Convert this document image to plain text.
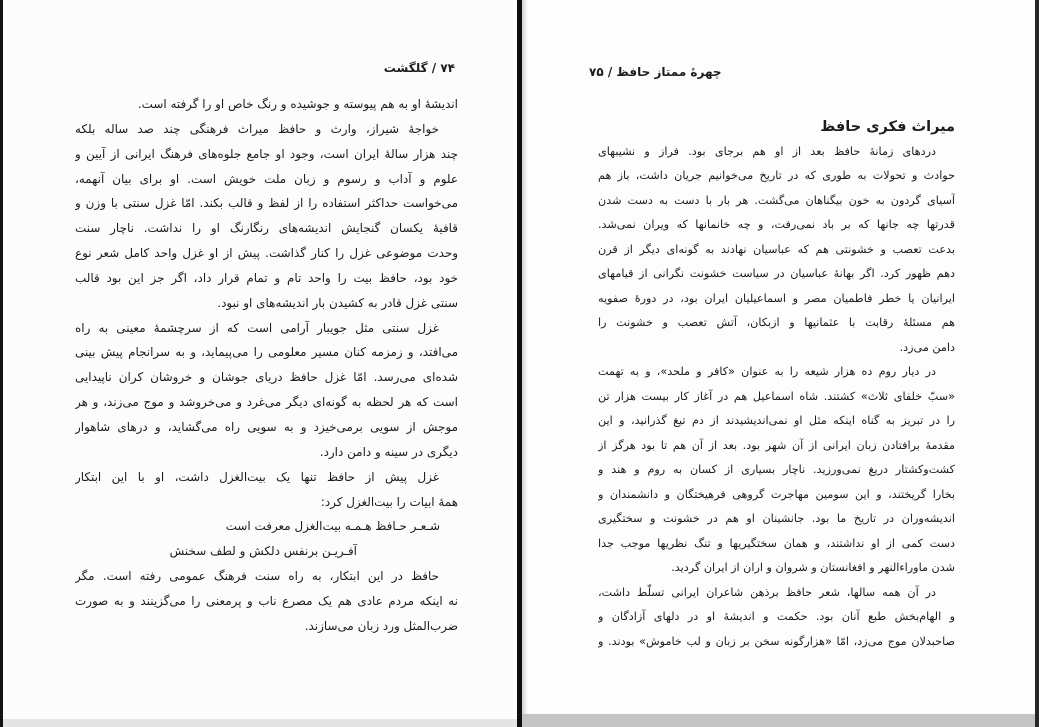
۷۴ / گلگشت
اندیشهٔ او به هم پیوسته و جوشیده و رنگ خاص او را گرفته است.
خواجهٔ شیراز، وارث و حافظ میراث فرهنگی چند صد ساله بلکه
چند هزار سالهٔ ایران است، وجود او جامع جلوه‌های فرهنگ ایرانی از آیین و
علوم و آداب و رسوم و زبان ملت خویش است. او برای بیان آنهمه،
می‌خواست حداکثر استفاده را از لفظ و قالب بکند. امّا غزل سنتی با وزن و
قافیهٔ یکسان گنجایش اندیشه‌های رنگارنگ او را نداشت. ناچار سنت
وحدت موضوعی غزل را کنار گذاشت. پیش از او غزل واحد کامل شعر نوع
خود بود، حافظ بیت را واحد تام و تمام قرار داد، اگر جز این بود قالب
سنتی غزل قادر به کشیدن بار اندیشه‌های او نبود.
غزل سنتی مثل جویبار آرامی است که از سرچشمهٔ معینی به راه
می‌افتد، و زمزمه کنان مسیر معلومی را می‌پیماید، و به سرانجام پیش بینی
شده‌ای می‌رسد. امّا غزل حافظ دریای جوشان و خروشان کران ناپیدایی
است که هر لحظه به گونه‌ای دیگر می‌غرد و می‌خروشد و موج می‌زند، و هر
موجش از سویی برمی‌خیزد و به سویی راه می‌گشاید، و درهای شاهوار
دیگری در سینه و دامن دارد.
غزل پیش از حافظ تنها یک بیت‌الغزل داشت، او با این ابتکار
همهٔ ابیات را بیت‌الغزل کرد:
شـعـر حـافظ هـمـه بیت‌الغزل معرفت است
آفـریـن برنفس دلکش و لطف سخنش
حافظ در این ابتکار، به راه سنت فرهنگ عمومی رفته است. مگر
نه اینکه مردم عادی هم یک مصرع ناب و پرمعنی را می‌گزینند و به صورت
ضرب‌المثل ورد زبان می‌سازند.
چهرهٔ ممتاز حافظ / ۷۵
میراث فکری حافظ
دردهای زمانهٔ حافظ بعد از او هم برجای بود. فراز و نشیبهای
حوادث و تحولات به طوری که در تاریخ می‌خوانیم جریان داشت، باز هم
آسیای گردون به خون بیگناهان می‌گشت. هر بار با دست به دست شدن
قدرتها چه جانها که بر باد نمی‌رفت، و چه خانمانها که ویران نمی‌شد.
بدعت تعصب و خشونتی هم که عباسیان نهادند به گونه‌ای دیگر از قرن
دهم ظهور کرد. اگر بهانهٔ عباسیان در سیاست خشونت نگرانی از قیامهای
ایرانیان یا خطر فاطمیان مصر و اسماعیلیان ایران بود، در دورهٔ صفویه
هم مسئلهٔ رقابت با عثمانیها و ازبکان، آتش تعصب و خشونت را
دامن می‌زد.
در دیار روم ده هزار شیعه را به عنوان «کافر و ملحد»، و به تهمت
«سبّ خلفای ثلاث» کشتند. شاه اسماعیل هم در آغاز کار بیست هزار تن
را در تبریز به گناه اینکه مثل او نمی‌اندیشیدند از دم تیغ گذرانید، و این
مقدمهٔ برافتادن زبان ایرانی از آن شهر بود. بعد از آن هم تا بود هرگز از
کشت‌وکشتار دریغ نمی‌ورزید. ناچار بسیاری از کسان به روم و هند و
بخارا گریختند، و این سومین مهاجرت گروهی فرهیختگان و دانشمندان و
اندیشه‌وران در تاریخ ما بود. جانشینان او هم در خشونت و سختگیری
دست کمی از او نداشتند، و همان سختگیریها و تنگ نظریها موجب جدا
شدن ماوراءالنهر و افغانستان و شروان و اران از ایران گردید.
در آن همه سالها، شعر حافظ برذهن شاعران ایرانی تسلّط داشت،
و الهام‌بخش طبع آنان بود. حکمت و اندیشهٔ او در دلهای آزادگان و
صاحبدلان موج می‌زد، امّا «هزارگونه سخن بر زبان و لب خاموش» بودند. و
